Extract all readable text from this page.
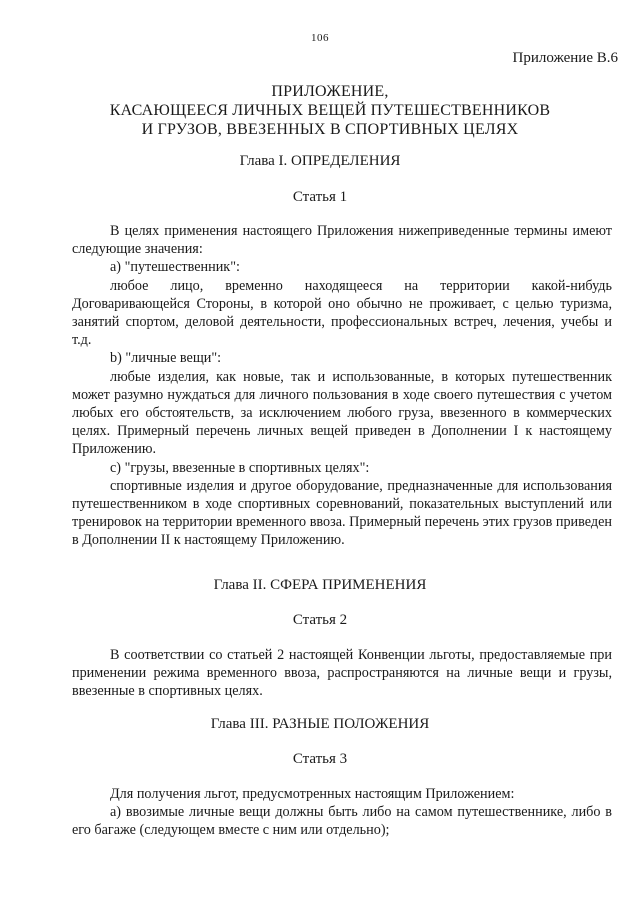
106
Приложение B.6
ПРИЛОЖЕНИЕ,
КАСАЮЩЕЕСЯ ЛИЧНЫХ ВЕЩЕЙ ПУТЕШЕСТВЕННИКОВ
И ГРУЗОВ, ВВЕЗЕННЫХ В СПОРТИВНЫХ ЦЕЛЯХ
Глава I. ОПРЕДЕЛЕНИЯ
Статья 1

В целях применения настоящего Приложения нижеприведенные термины имеют следующие значения:

a) "путешественник":

любое лицо, временно находящееся на территории какой-нибудь Договаривающейся Стороны, в которой оно обычно не проживает, с целью туризма, занятий спортом, деловой деятельности, профессиональных встреч, лечения, учебы и т.д.

b) "личные вещи":

любые изделия, как новые, так и использованные, в которых путешественник может разумно нуждаться для личного пользования в ходе своего путешествия с учетом любых его обстоятельств, за исключением любого груза, ввезенного в коммерческих целях. Примерный перечень личных вещей приведен в Дополнении I к настоящему Приложению.

c) "грузы, ввезенные в спортивных целях":

спортивные изделия и другое оборудование, предназначенные для использования путешественником в ходе спортивных соревнований, показательных выступлений или тренировок на территории временного ввоза. Примерный перечень этих грузов приведен в Дополнении II к настоящему Приложению.

Глава II. СФЕРА ПРИМЕНЕНИЯ
Статья 2

В соответствии со статьей 2 настоящей Конвенции льготы, предоставляемые при применении режима временного ввоза, распространяются на личные вещи и грузы, ввезенные в спортивных целях.

Глава III. РАЗНЫЕ ПОЛОЖЕНИЯ
Статья 3

Для получения льгот, предусмотренных настоящим Приложением:

a) ввозимые личные вещи должны быть либо на самом путешественнике, либо в его багаже (следующем вместе с ним или отдельно);
